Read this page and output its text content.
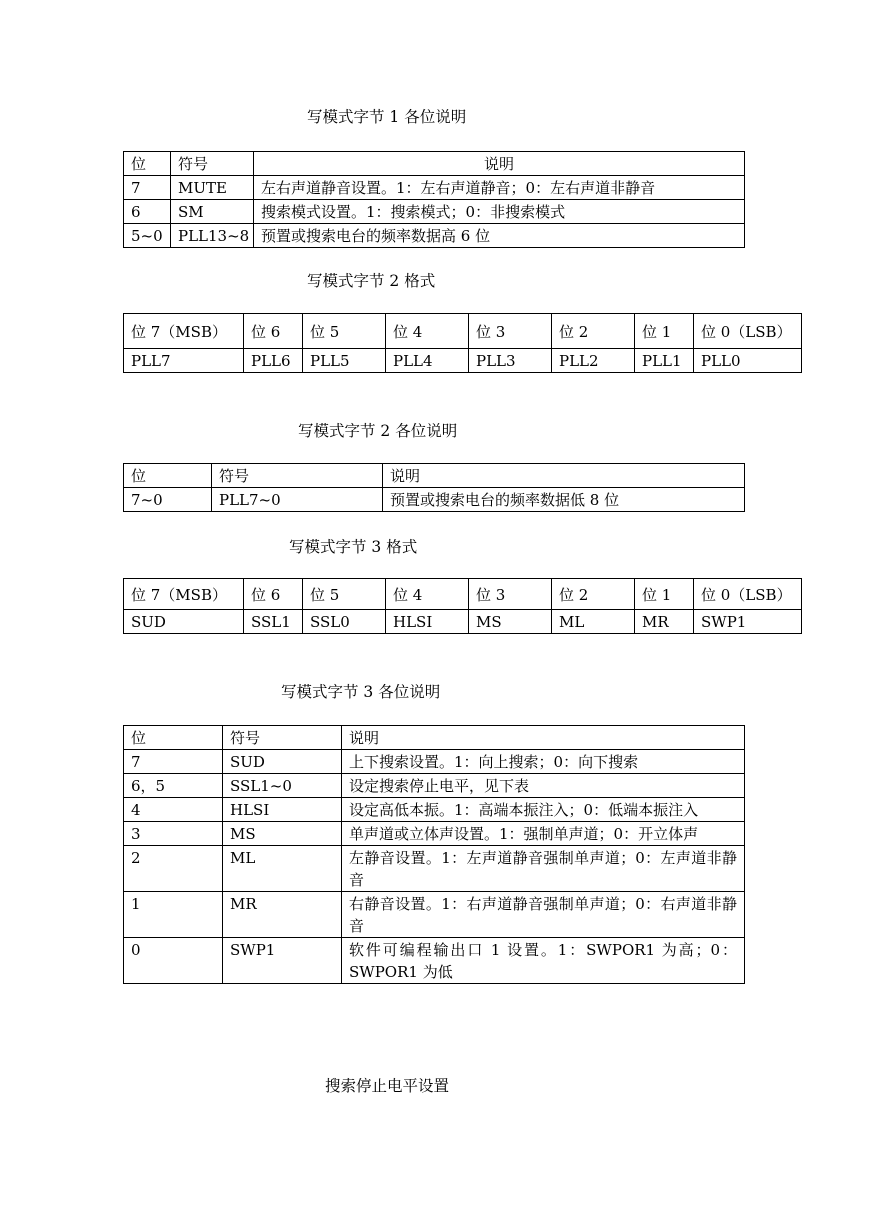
写模式字节 1 各位说明
位	符号	说明
7	MUTE	左右声道静音设置。1：左右声道静音；0：左右声道非静音
6	SM	搜索模式设置。1：搜索模式；0：非搜索模式
5~0	PLL13~8	预置或搜索电台的频率数据高 6 位
写模式字节 2 格式
位 7（MSB）	位 6	位 5	位 4	位 3	位 2	位 1	位 0（LSB）
PLL7	PLL6	PLL5	PLL4	PLL3	PLL2	PLL1	PLL0
写模式字节 2 各位说明
位	符号	说明
7~0	PLL7~0	预置或搜索电台的频率数据低 8 位
写模式字节 3 格式
位 7（MSB）	位 6	位 5	位 4	位 3	位 2	位 1	位 0（LSB）
SUD	SSL1	SSL0	HLSI	MS	ML	MR	SWP1
写模式字节 3 各位说明
位	符号	说明
7	SUD	上下搜索设置。1：向上搜索；0：向下搜索
6，5	SSL1~0	设定搜索停止电平，见下表
4	HLSI	设定高低本振。1：高端本振注入；0：低端本振注入
3	MS	单声道或立体声设置。1：强制单声道；0：开立体声
2	ML	左静音设置。1：左声道静音强制单声道；0：左声道非静音
1	MR	右静音设置。1：右声道静音强制单声道；0：右声道非静音
0	SWP1	软件可编程输出口 1 设置。1：SWPOR1 为高；0：SWPOR1 为低
搜索停止电平设置
